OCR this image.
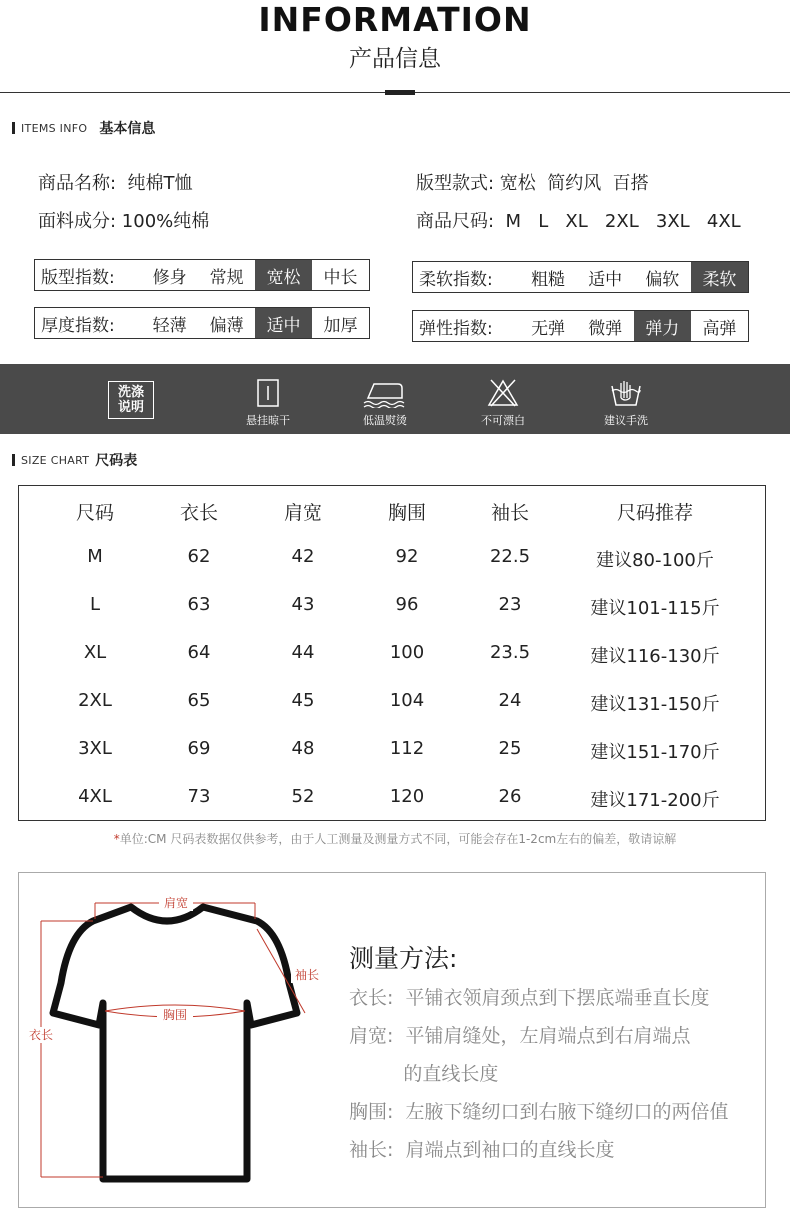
INFORMATION
产品信息
ITEMS INFO 基本信息
商品名称:  纯棉T恤
面料成分: 100%纯棉
版型款式: 宽松  简约风  百搭
商品尺码:  M   L   XL   2XL   3XL   4XL
版型指数:	修身	常规	宽松	中长
厚度指数:	轻薄	偏薄	适中	加厚
柔软指数:	粗糙	适中	偏软	柔软
弹性指数:	无弹	微弹	弹力	高弹
洗涤
说明
悬挂晾干	低温熨烫	不可漂白	建议手洗
SIZE CHART 尺码表
尺码	衣长	肩宽	胸围	袖长	尺码推荐
M	62	42	92	22.5	建议80-100斤
L	63	43	96	23	建议101-115斤
XL	64	44	100	23.5	建议116-130斤
2XL	65	45	104	24	建议131-150斤
3XL	69	48	112	25	建议151-170斤
4XL	73	52	120	26	建议171-200斤
*单位:CM 尺码表数据仅供参考，由于人工测量及测量方式不同，可能会存在1-2cm左右的偏差，敬请谅解
肩宽
袖长
胸围
衣长
测量方法:
衣长:  平铺衣领肩颈点到下摆底端垂直长度
肩宽:  平铺肩缝处，左肩端点到右肩端点
的直线长度
胸围:  左腋下缝纫口到右腋下缝纫口的两倍值
袖长:  肩端点到袖口的直线长度
